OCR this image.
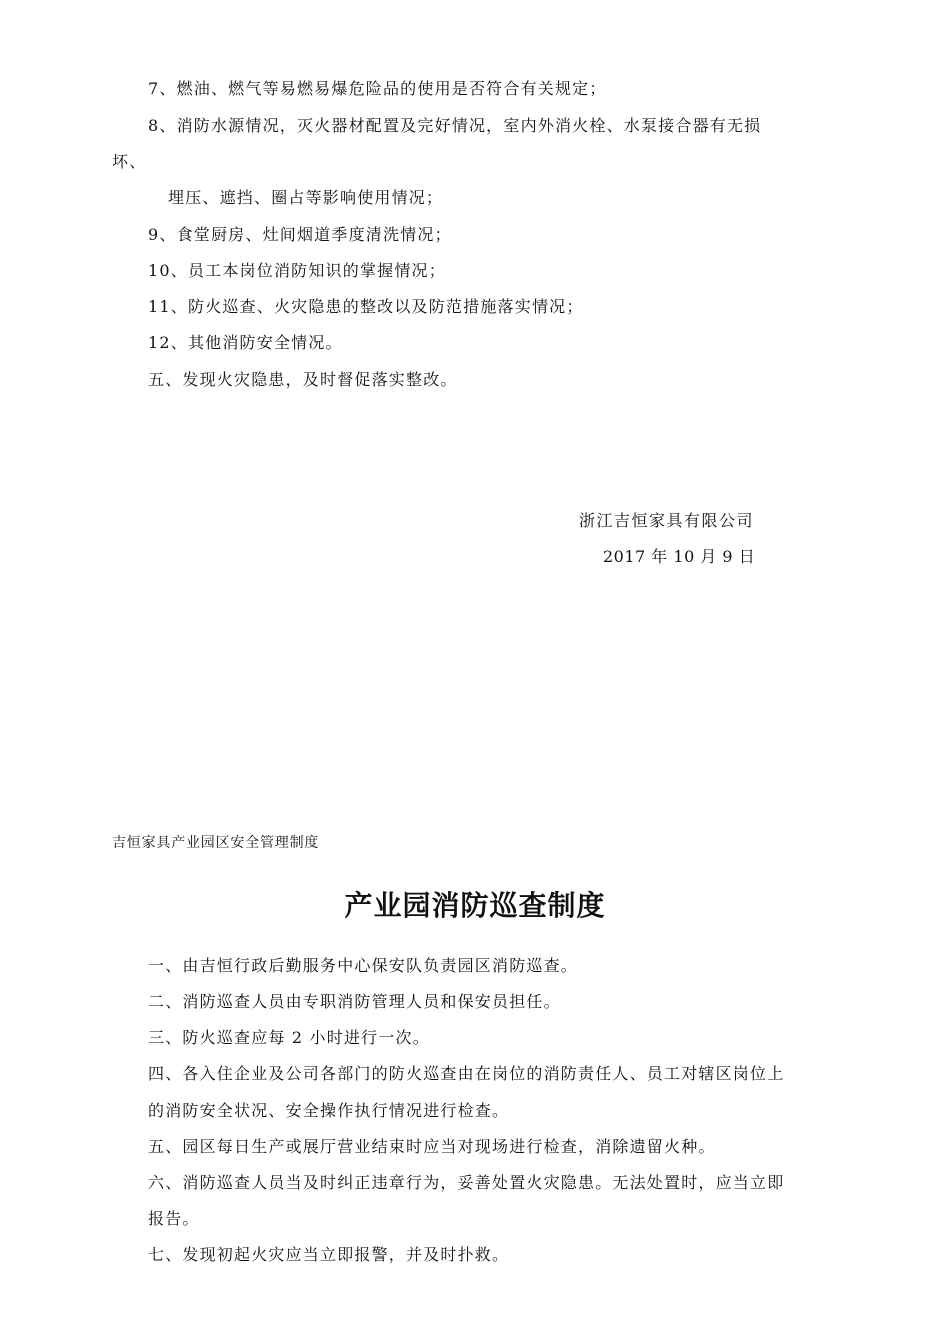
7、燃油、燃气等易燃易爆危险品的使用是否符合有关规定；
8、消防水源情况，灭火器材配置及完好情况，室内外消火栓、水泵接合器有无损
坏、
埋压、遮挡、圈占等影响使用情况；
9、食堂厨房、灶间烟道季度清洗情况；
10、员工本岗位消防知识的掌握情况；
11、防火巡查、火灾隐患的整改以及防范措施落实情况；
12、其他消防安全情况。
五、发现火灾隐患，及时督促落实整改。
浙江吉恒家具有限公司
2017 年 10 月 9 日
吉恒家具产业园区安全管理制度
产业园消防巡查制度
一、由吉恒行政后勤服务中心保安队负责园区消防巡查。
二、消防巡查人员由专职消防管理人员和保安员担任。
三、防火巡查应每 2 小时进行一次。
四、各入住企业及公司各部门的防火巡查由在岗位的消防责任人、员工对辖区岗位上
的消防安全状况、安全操作执行情况进行检查。
五、园区每日生产或展厅营业结束时应当对现场进行检查，消除遗留火种。
六、消防巡查人员当及时纠正违章行为，妥善处置火灾隐患。无法处置时，应当立即
报告。
七、发现初起火灾应当立即报警，并及时扑救。
